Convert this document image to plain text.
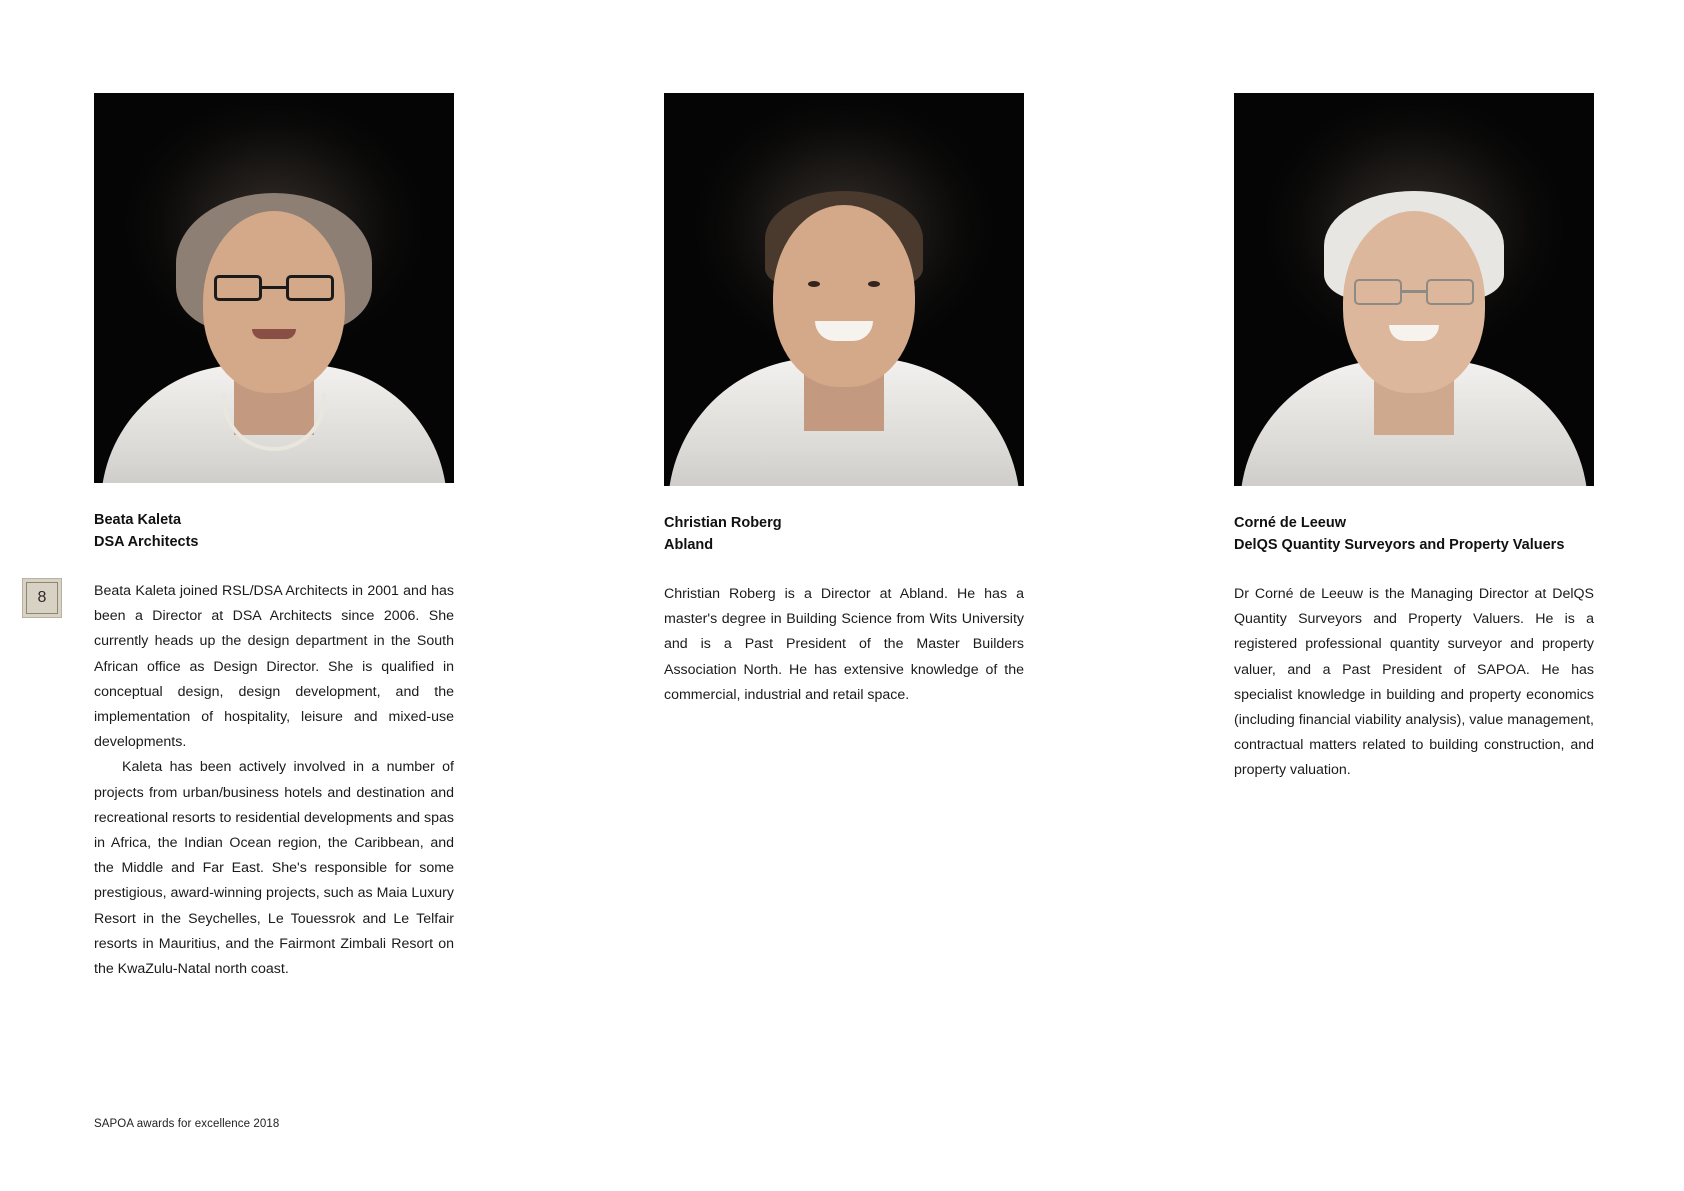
8
Beata Kaleta
DSA Architects

Beata Kaleta joined RSL/DSA Architects in 2001 and has been a Director at DSA Architects since 2006. She currently heads up the design department in the South African office as Design Director. She is qualified in conceptual design, design development, and the implementation of hospitality, leisure and mixed-use developments.

Kaleta has been actively involved in a number of projects from urban/business hotels and destination and recreational resorts to residential developments and spas in Africa, the Indian Ocean region, the Caribbean, and the Middle and Far East. She's responsible for some prestigious, award-winning projects, such as Maia Luxury Resort in the Seychelles, Le Touessrok and Le Telfair resorts in Mauritius, and the Fairmont Zimbali Resort on the KwaZulu-Natal north coast.

Christian Roberg
Abland

Christian Roberg is a Director at Abland. He has a master's degree in Building Science from Wits University and is a Past President of the Master Builders Association North. He has extensive knowledge of the commercial, industrial and retail space.

Corné de Leeuw
DelQS Quantity Surveyors and Property Valuers

Dr Corné de Leeuw is the Managing Director at DelQS Quantity Surveyors and Property Valuers. He is a registered professional quantity surveyor and property valuer, and a Past President of SAPOA. He has specialist knowledge in building and property economics (including financial viability analysis), value management, contractual matters related to building construction, and property valuation.

SAPOA awards for excellence 2018
